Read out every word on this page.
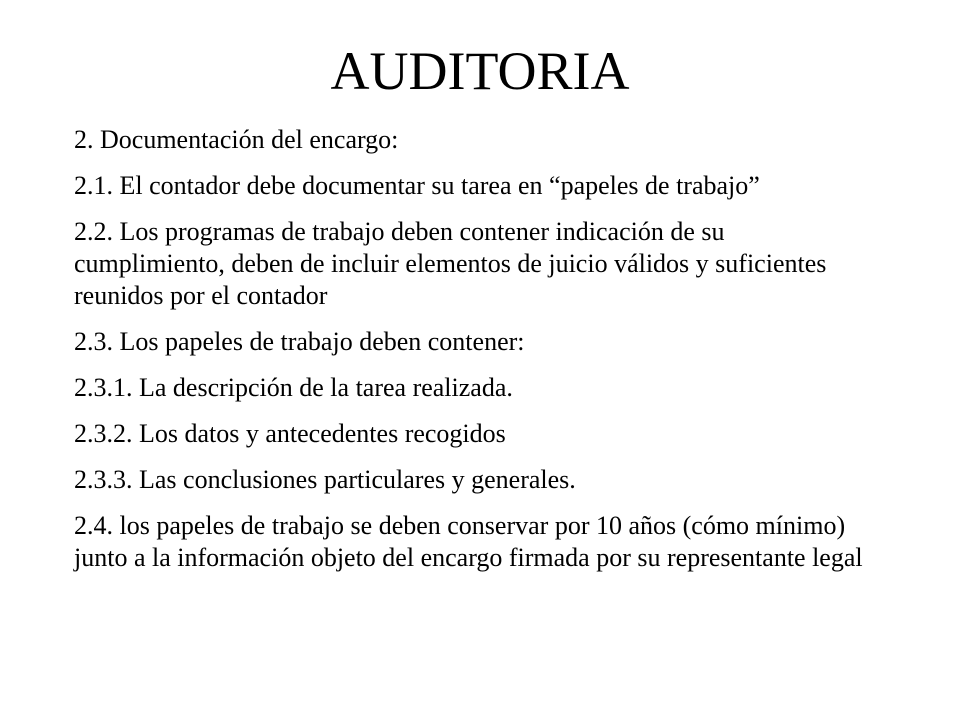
AUDITORIA

2. Documentación del encargo:

2.1. El contador debe documentar su tarea en “papeles de trabajo”

2.2. Los programas de trabajo deben contener indicación de su cumplimiento, deben de incluir elementos de juicio válidos y suficientes reunidos por el contador

2.3. Los papeles de trabajo deben contener:

2.3.1. La descripción de la tarea realizada.

2.3.2. Los datos y antecedentes recogidos

2.3.3. Las conclusiones particulares y generales.

2.4. los papeles de trabajo se deben conservar por 10 años (cómo mínimo) junto a la información objeto del encargo firmada por su representante legal
